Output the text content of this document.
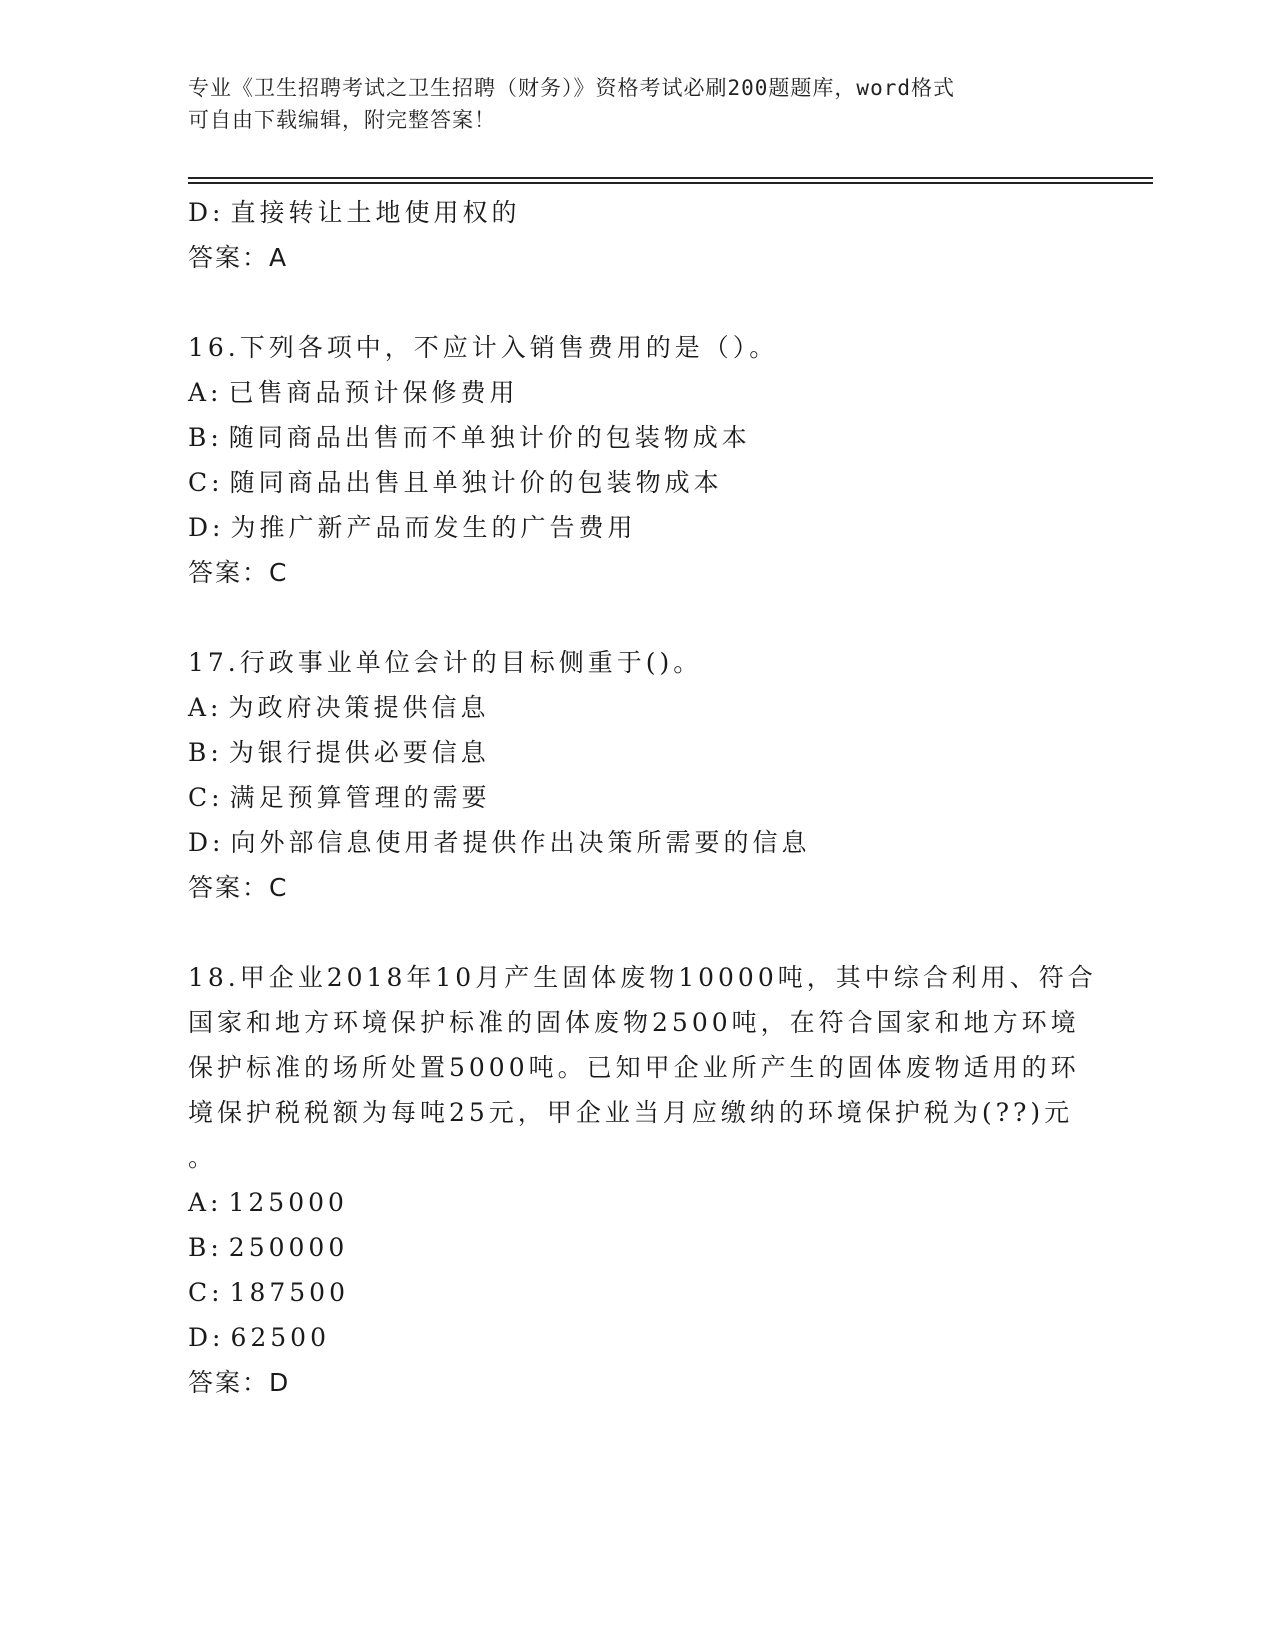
专业《卫生招聘考试之卫生招聘（财务）》资格考试必刷200题题库，word格式
可自由下载编辑，附完整答案！
D: 直接转让土地使用权的
答案：A
16.下列各项中，不应计入销售费用的是（）。
A: 已售商品预计保修费用
B: 随同商品出售而不单独计价的包装物成本
C: 随同商品出售且单独计价的包装物成本
D: 为推广新产品而发生的广告费用
答案：C
17.行政事业单位会计的目标侧重于()。
A: 为政府决策提供信息
B: 为银行提供必要信息
C: 满足预算管理的需要
D: 向外部信息使用者提供作出决策所需要的信息
答案：C
18.甲企业2018年10月产生固体废物10000吨，其中综合利用、符合
国家和地方环境保护标准的固体废物2500吨，在符合国家和地方环境
保护标准的场所处置5000吨。已知甲企业所产生的固体废物适用的环
境保护税税额为每吨25元，甲企业当月应缴纳的环境保护税为(??)元
。
A: 125000
B: 250000
C: 187500
D: 62500
答案：D
